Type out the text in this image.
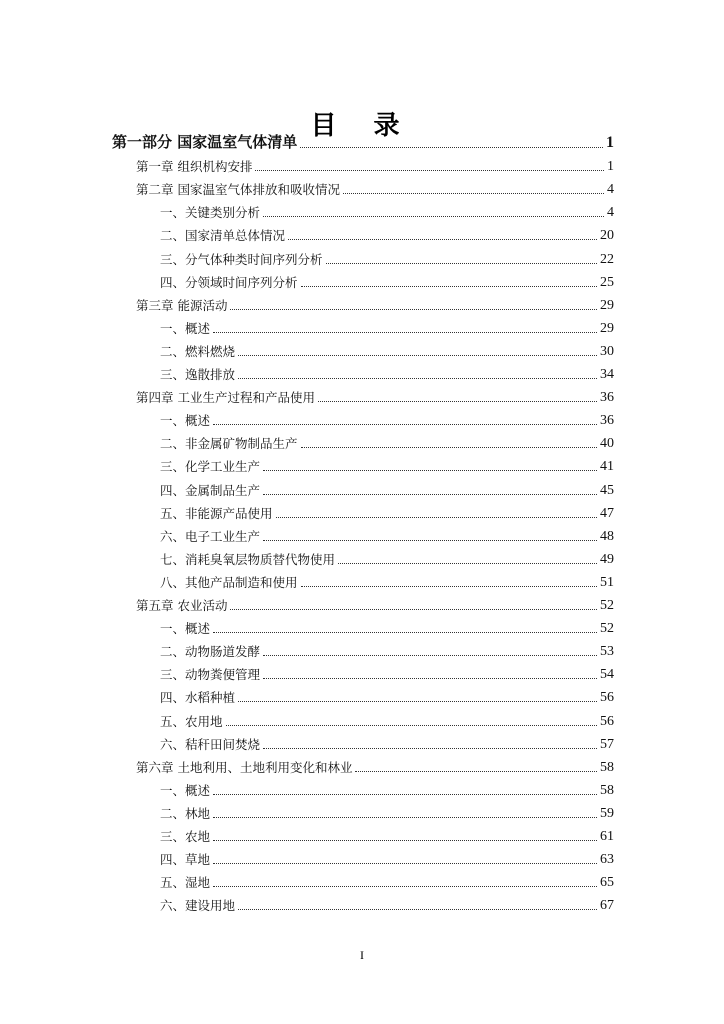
目 录
第一部分 国家温室气体清单	1
第一章 组织机构安排	1
第二章 国家温室气体排放和吸收情况	4
一、关键类别分析	4
二、国家清单总体情况	20
三、分气体种类时间序列分析	22
四、分领域时间序列分析	25
第三章 能源活动	29
一、概述	29
二、燃料燃烧	30
三、逸散排放	34
第四章 工业生产过程和产品使用	36
一、概述	36
二、非金属矿物制品生产	40
三、化学工业生产	41
四、金属制品生产	45
五、非能源产品使用	47
六、电子工业生产	48
七、消耗臭氧层物质替代物使用	49
八、其他产品制造和使用	51
第五章 农业活动	52
一、概述	52
二、动物肠道发酵	53
三、动物粪便管理	54
四、水稻种植	56
五、农用地	56
六、秸秆田间焚烧	57
第六章 土地利用、土地利用变化和林业	58
一、概述	58
二、林地	59
三、农地	61
四、草地	63
五、湿地	65
六、建设用地	67
I
